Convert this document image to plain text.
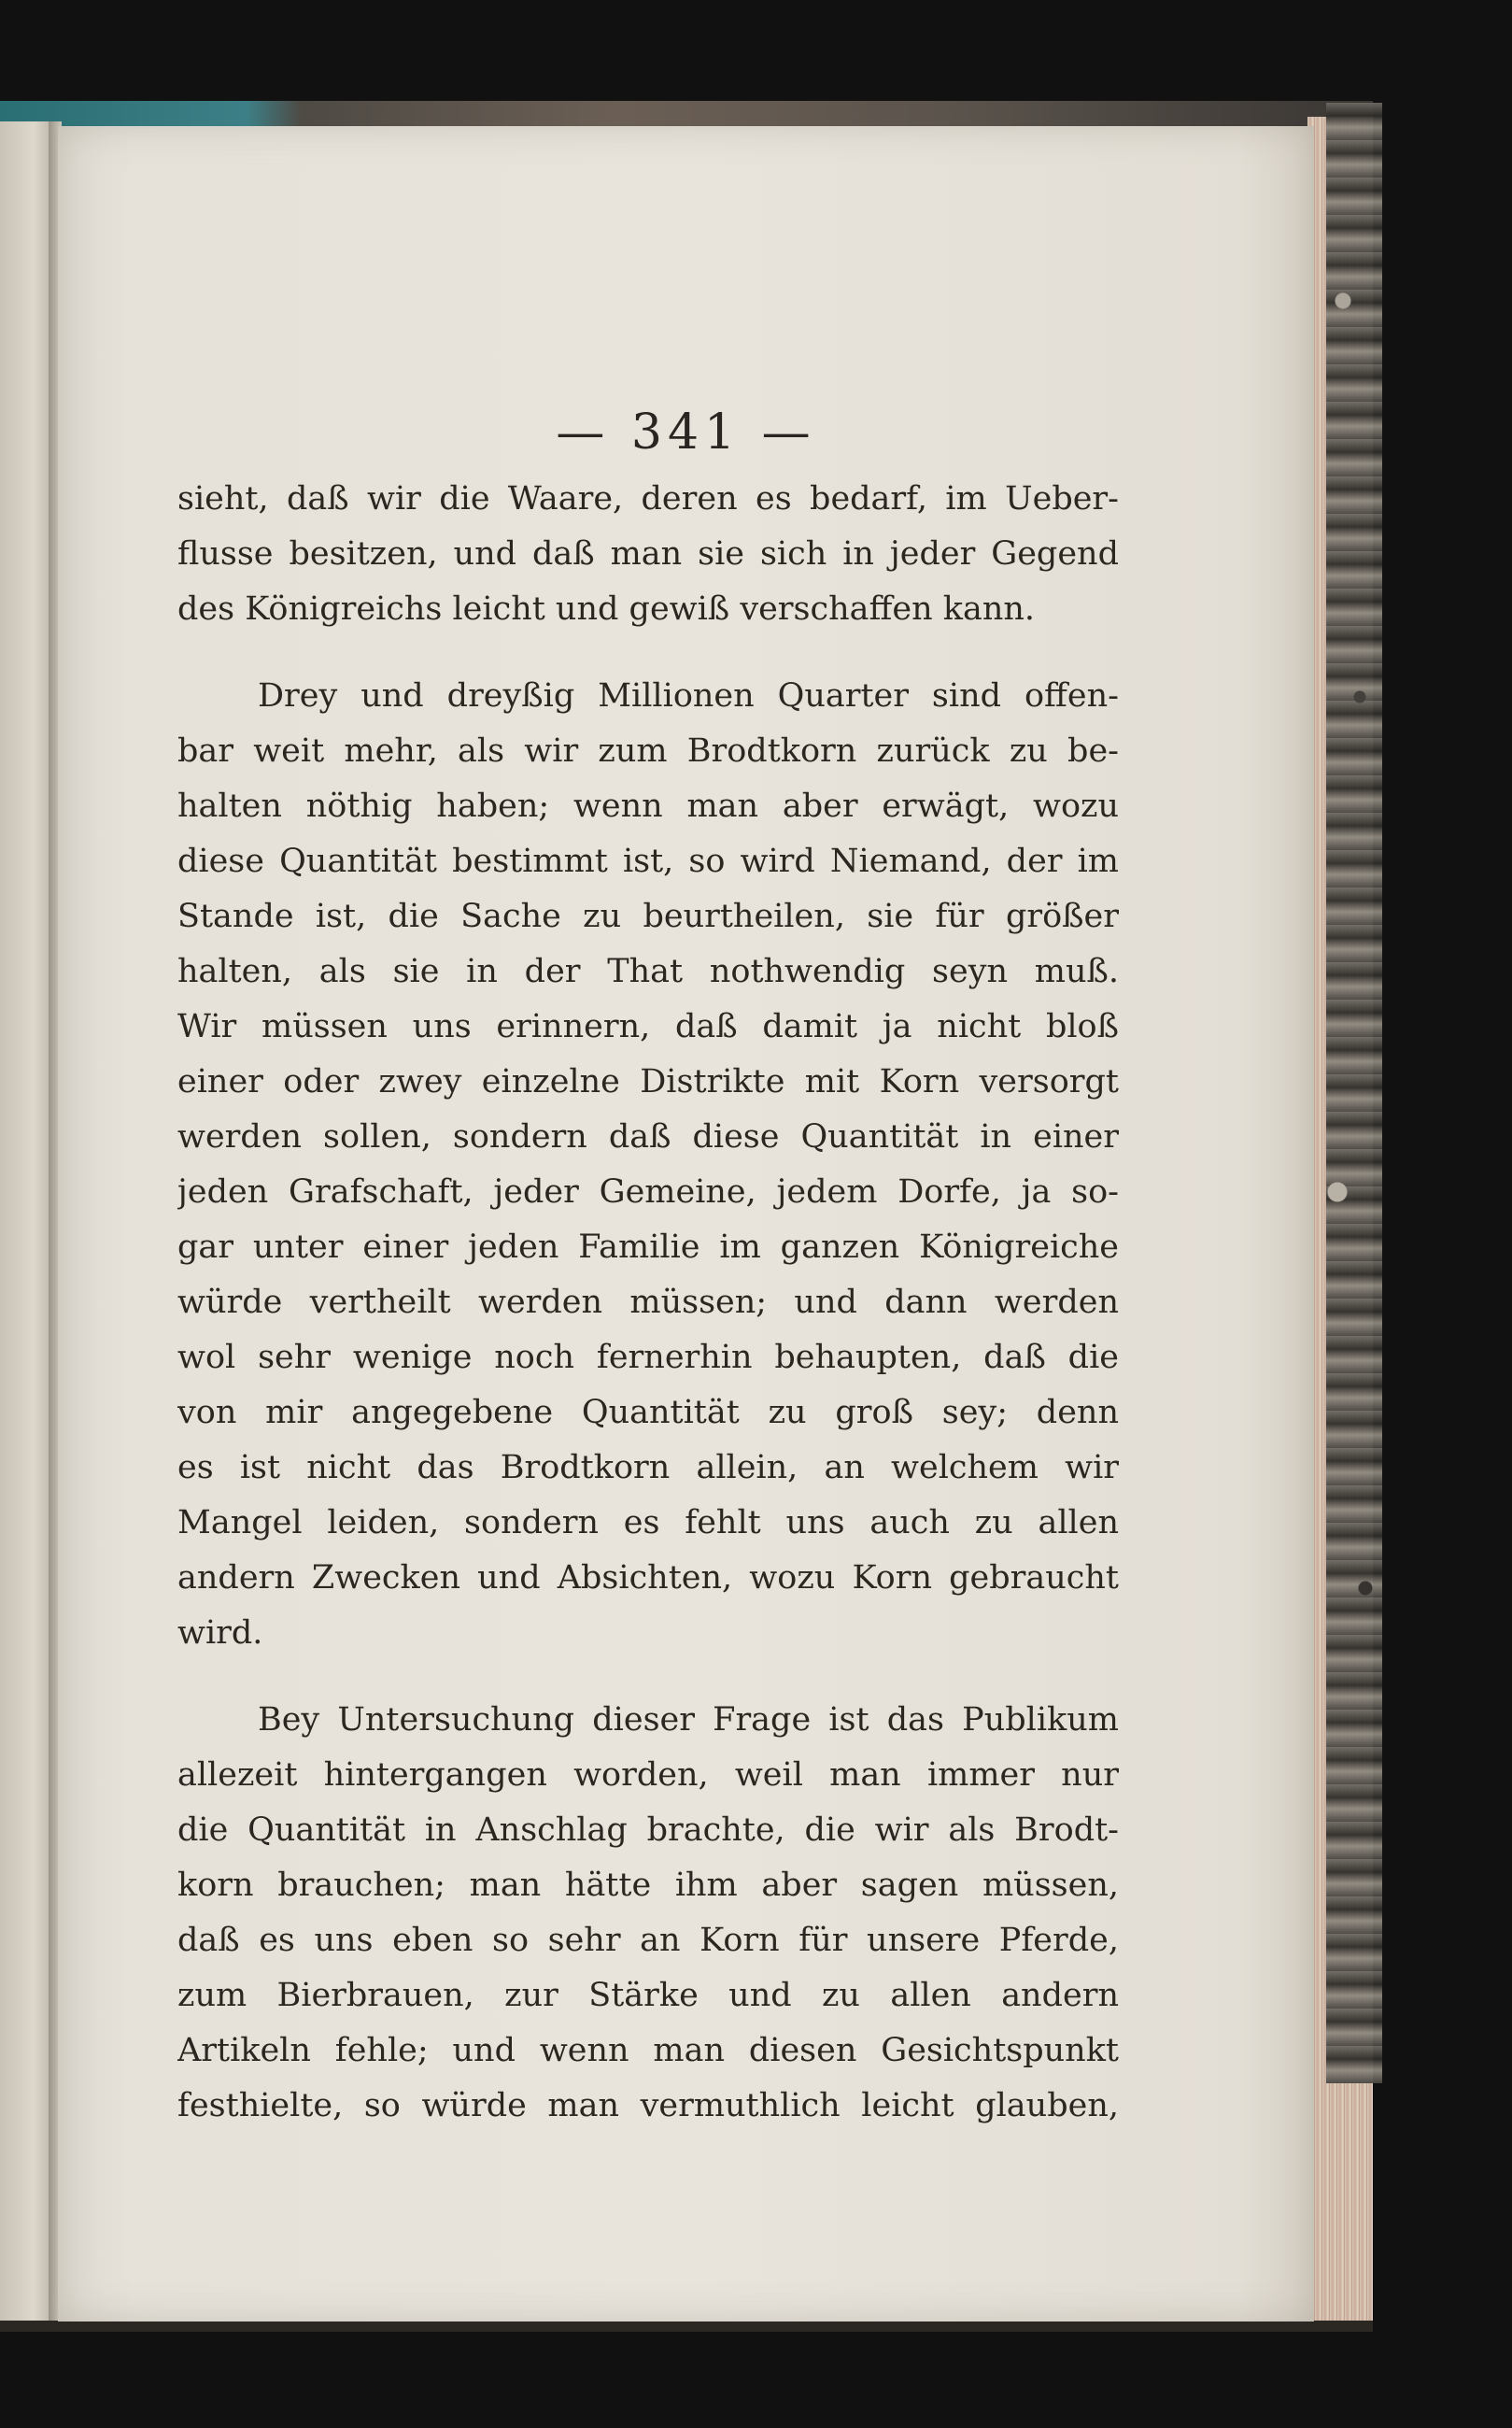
— 341 —
sieht, daß wir die Waare, deren es bedarf, im Ueber-
flusse besitzen, und daß man sie sich in jeder Gegend
des Königreichs leicht und gewiß verschaffen kann.
Drey und dreyßig Millionen Quarter sind offen-
bar weit mehr, als wir zum Brodtkorn zurück zu be-
halten nöthig haben; wenn man aber erwägt, wozu
diese Quantität bestimmt ist, so wird Niemand, der im
Stande ist, die Sache zu beurtheilen, sie für größer
halten, als sie in der That nothwendig seyn muß.
Wir müssen uns erinnern, daß damit ja nicht bloß
einer oder zwey einzelne Distrikte mit Korn versorgt
werden sollen, sondern daß diese Quantität in einer
jeden Grafschaft, jeder Gemeine, jedem Dorfe, ja so-
gar unter einer jeden Familie im ganzen Königreiche
würde vertheilt werden müssen; und dann werden
wol sehr wenige noch fernerhin behaupten, daß die
von mir angegebene Quantität zu groß sey; denn
es ist nicht das Brodtkorn allein, an welchem wir
Mangel leiden, sondern es fehlt uns auch zu allen
andern Zwecken und Absichten, wozu Korn gebraucht
wird.
Bey Untersuchung dieser Frage ist das Publikum
allezeit hintergangen worden, weil man immer nur
die Quantität in Anschlag brachte, die wir als Brodt-
korn brauchen; man hätte ihm aber sagen müssen,
daß es uns eben so sehr an Korn für unsere Pferde,
zum Bierbrauen, zur Stärke und zu allen andern
Artikeln fehle; und wenn man diesen Gesichtspunkt
festhielte, so würde man vermuthlich leicht glauben,
